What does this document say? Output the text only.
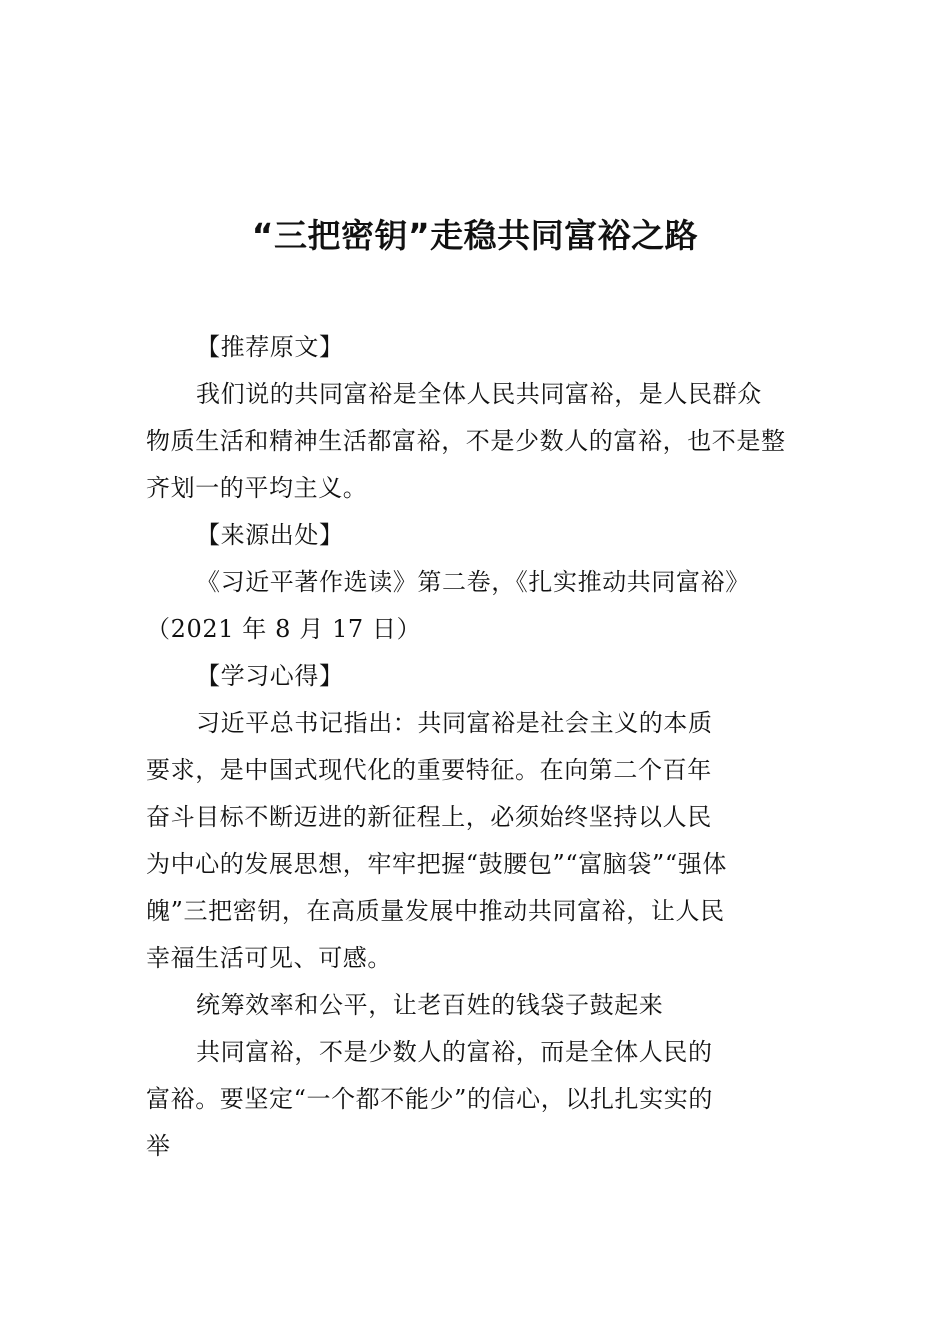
“三把密钥”走稳共同富裕之路

【推荐原文】

我们说的共同富裕是全体人民共同富裕，是人民群众物质生活和精神生活都富裕，不是少数人的富裕，也不是整齐划一的平均主义。

【来源出处】

《习近平著作选读》第二卷，《扎实推动共同富裕》（2021 年 8 月 17 日）

【学习心得】

习近平总书记指出：共同富裕是社会主义的本质要求，是中国式现代化的重要特征。在向第二个百年奋斗目标不断迈进的新征程上，必须始终坚持以人民为中心的发展思想，牢牢把握“鼓腰包”“富脑袋”“强体魄”三把密钥，在高质量发展中推动共同富裕，让人民幸福生活可见、可感。

统筹效率和公平，让老百姓的钱袋子鼓起来

共同富裕，不是少数人的富裕，而是全体人民的富裕。要坚定“一个都不能少”的信心，以扎扎实实的举
